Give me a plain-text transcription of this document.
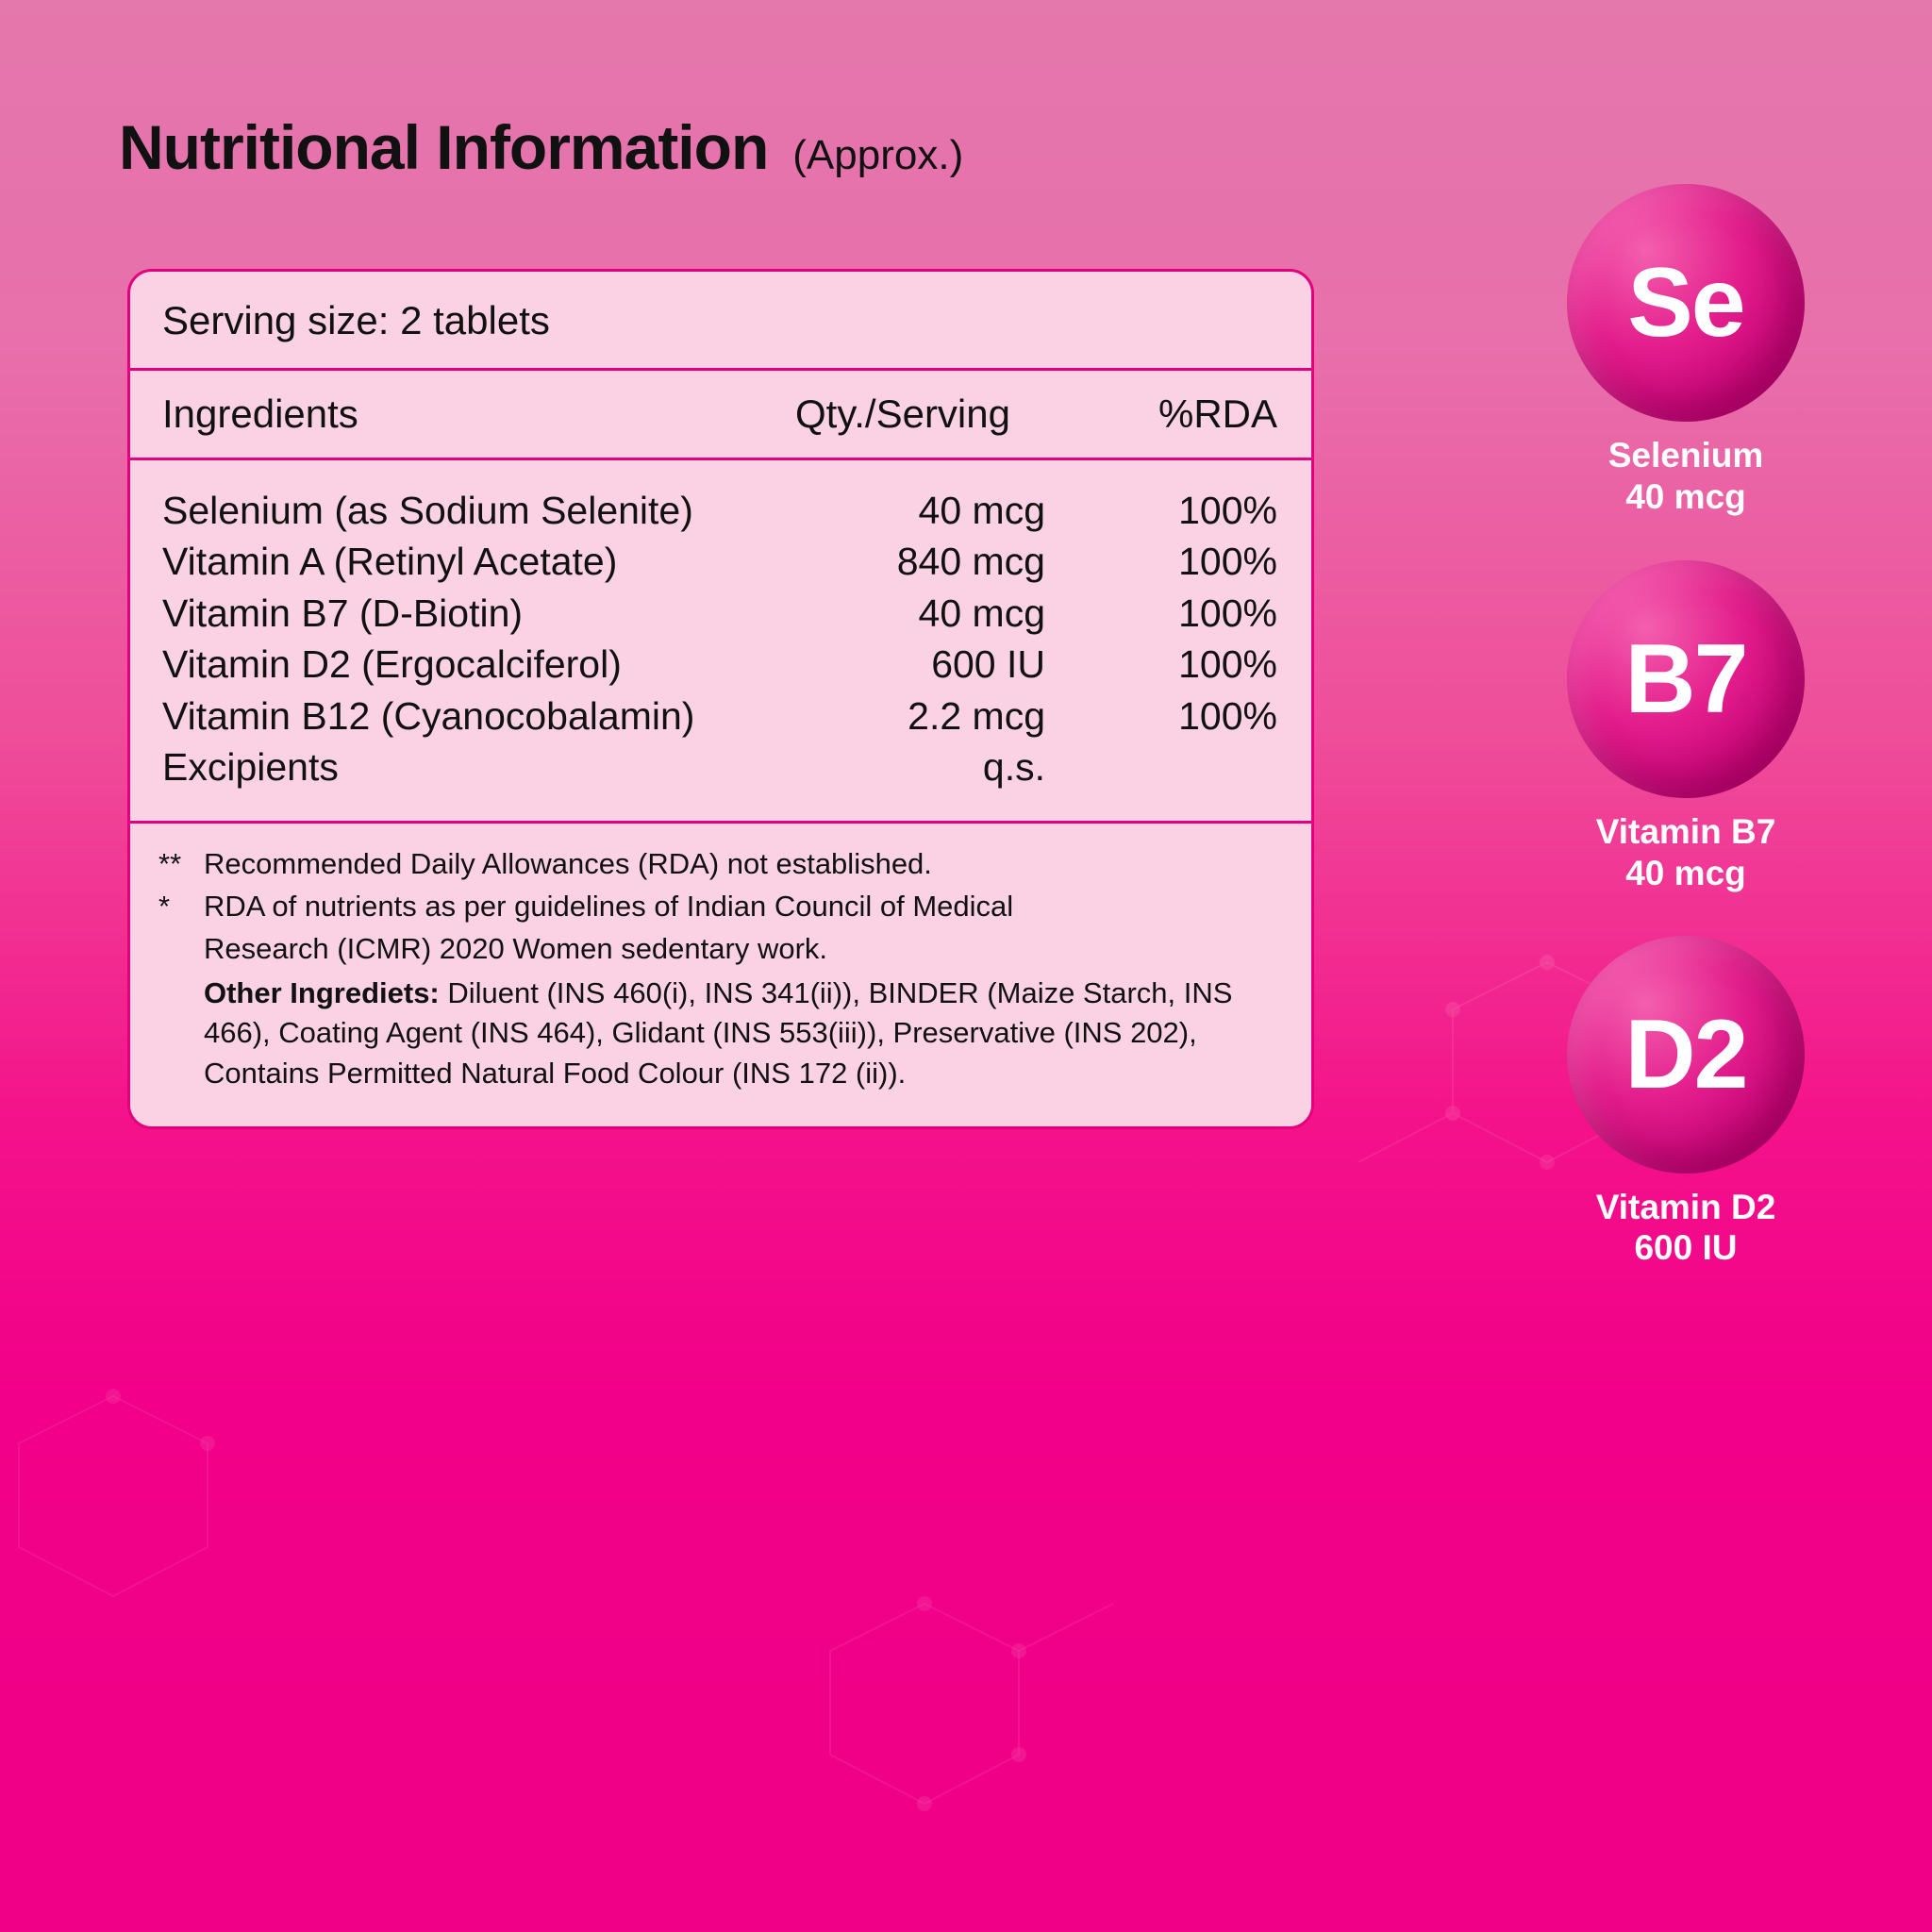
Nutritional Information (Approx.)
Serving size: 2 tablets
Ingredients	Qty./Serving	%RDA
Selenium (as Sodium Selenite)	40 mcg	100%
Vitamin A (Retinyl Acetate)	840 mcg	100%
Vitamin B7 (D-Biotin)	40 mcg	100%
Vitamin D2 (Ergocalciferol)	600 IU	100%
Vitamin B12 (Cyanocobalamin)	2.2 mcg	100%
Excipients	q.s.
** Recommended Daily Allowances (RDA) not established.
*	RDA of nutrients as per guidelines of Indian Council of Medical
Research (ICMR) 2020 Women sedentary work.
Other Ingrediets: Diluent (INS 460(i), INS 341(ii)), BINDER (Maize Starch, INS 466), Coating Agent (INS 464), Glidant (INS 553(iii)), Preservative (INS 202), Contains Permitted Natural Food Colour (INS 172 (ii)).
Se
Selenium
40 mcg
B7
Vitamin B7
40 mcg
D2
Vitamin D2
600 IU
